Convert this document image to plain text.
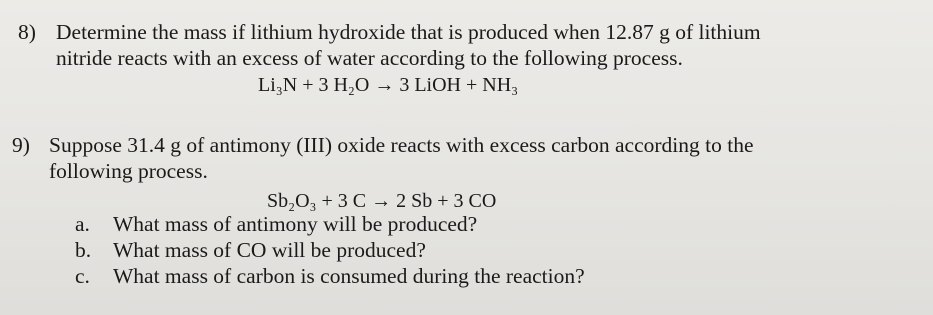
8) Determine the mass if lithium hydroxide that is produced when 12.87 g of lithium
nitride reacts with an excess of water according to the following process.
Li₃N + 3 H₂O → 3 LiOH + NH₃
9) Suppose 31.4 g of antimony (III) oxide reacts with excess carbon according to the
following process.
Sb₂O₃ + 3 C → 2 Sb + 3 CO
a. What mass of antimony will be produced?
b. What mass of CO will be produced?
c. What mass of carbon is consumed during the reaction?
